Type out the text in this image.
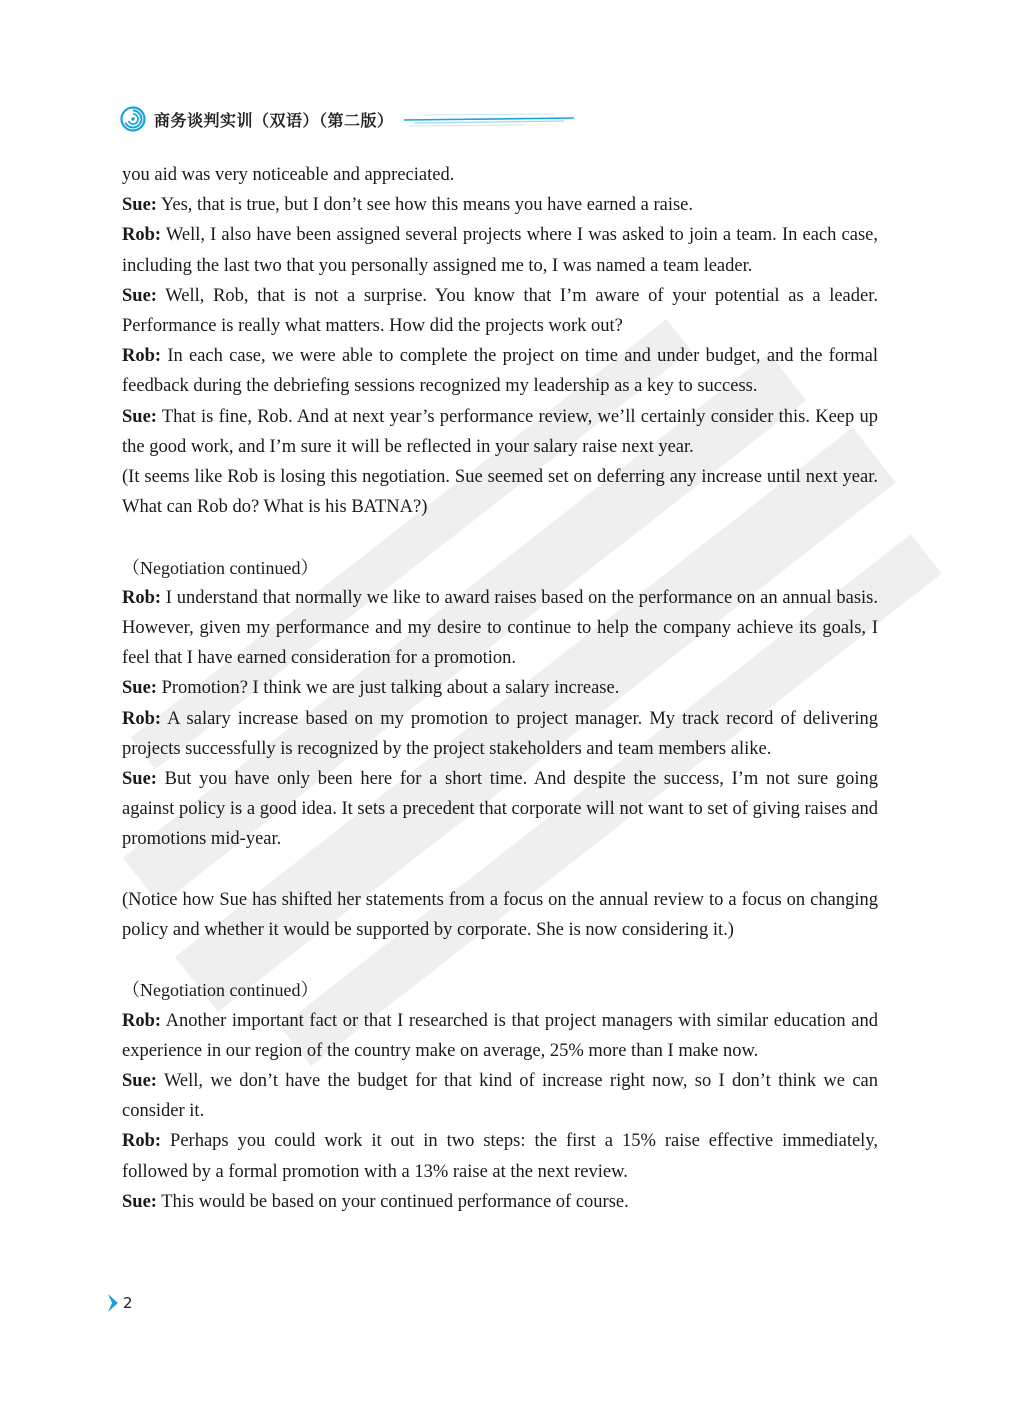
商务谈判实训（双语）（第二版）

you aid was very noticeable and appreciated.

Sue: Yes, that is true, but I don’t see how this means you have earned a raise.

Rob: Well, I also have been assigned several projects where I was asked to join a team. In each case, including the last two that you personally assigned me to, I was named a team leader.

Sue: Well, Rob, that is not a surprise. You know that I’m aware of your potential as a leader. Performance is really what matters. How did the projects work out?

Rob: In each case, we were able to complete the project on time and under budget, and the formal feedback during the debriefing sessions recognized my leadership as a key to success.

Sue: That is fine, Rob. And at next year’s performance review, we’ll certainly consider this. Keep up the good work, and I’m sure it will be reflected in your salary raise next year.

(It seems like Rob is losing this negotiation. Sue seemed set on deferring any increase until next year. What can Rob do? What is his BATNA?)

（Negotiation continued）

Rob: I understand that normally we like to award raises based on the performance on an annual basis. However, given my performance and my desire to continue to help the company achieve its goals, I feel that I have earned consideration for a promotion.

Sue: Promotion? I think we are just talking about a salary increase.

Rob: A salary increase based on my promotion to project manager. My track record of delivering projects successfully is recognized by the project stakeholders and team members alike.

Sue: But you have only been here for a short time. And despite the success, I’m not sure going against policy is a good idea. It sets a precedent that corporate will not want to set of giving raises and promotions mid-year.

(Notice how Sue has shifted her statements from a focus on the annual review to a focus on changing policy and whether it would be supported by corporate. She is now considering it.)

（Negotiation continued）

Rob: Another important fact or that I researched is that project managers with similar education and experience in our region of the country make on average, 25% more than I make now.

Sue: Well, we don’t have the budget for that kind of increase right now, so I don’t think we can consider it.

Rob: Perhaps you could work it out in two steps: the first a 15% raise effective immediately, followed by a formal promotion with a 13% raise at the next review.

Sue: This would be based on your continued performance of course.

2
